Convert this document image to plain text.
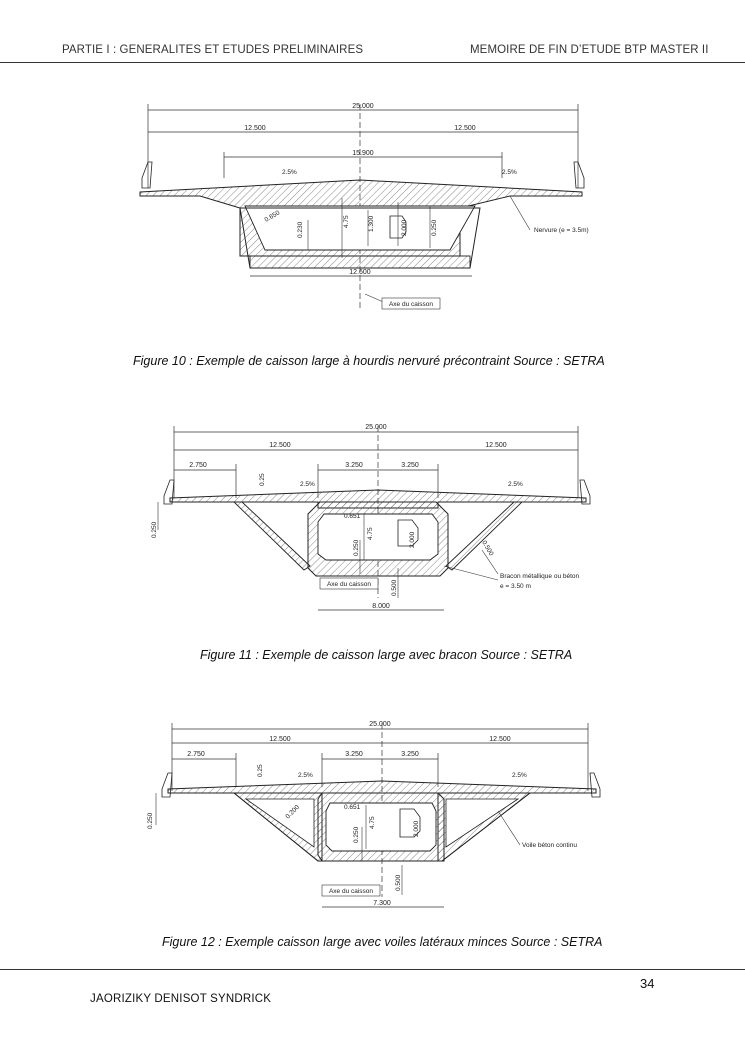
PARTIE I : GENERALITES ET ETUDES PRELIMINAIRES	MEMOIRE DE FIN D’ETUDE BTP MASTER II
25.000
12.500	12.500
15.900
2.5%	2.5%
0.650
0.230
4.75	1.300	2.000	0.250
12.600
Nervure (e = 3.5m)
Axe du caisson
Figure 10 : Exemple de caisson large à hourdis nervuré précontraint Source : SETRA
25.000
12.500	12.500
2.750	3.250	3.250
0.25	2.5%	2.5%
0.250
0.651
4.75	2.000
0.250	0.500
Bracon métallique ou béton
e = 3.50 m
Axe du caisson	0.500
8.000
Figure 11 : Exemple de caisson large avec bracon Source : SETRA
25.000
12.500	12.500
2.750	3.250	3.250
0.25	2.5%	2.5%
0.250
0.200	0.651
4.75	2.000
0.250
Voile béton continu
Axe du caisson
0.500
7.300
Figure 12 : Exemple caisson large avec voiles latéraux minces Source : SETRA
34
JAORIZIKY DENISOT SYNDRICK
